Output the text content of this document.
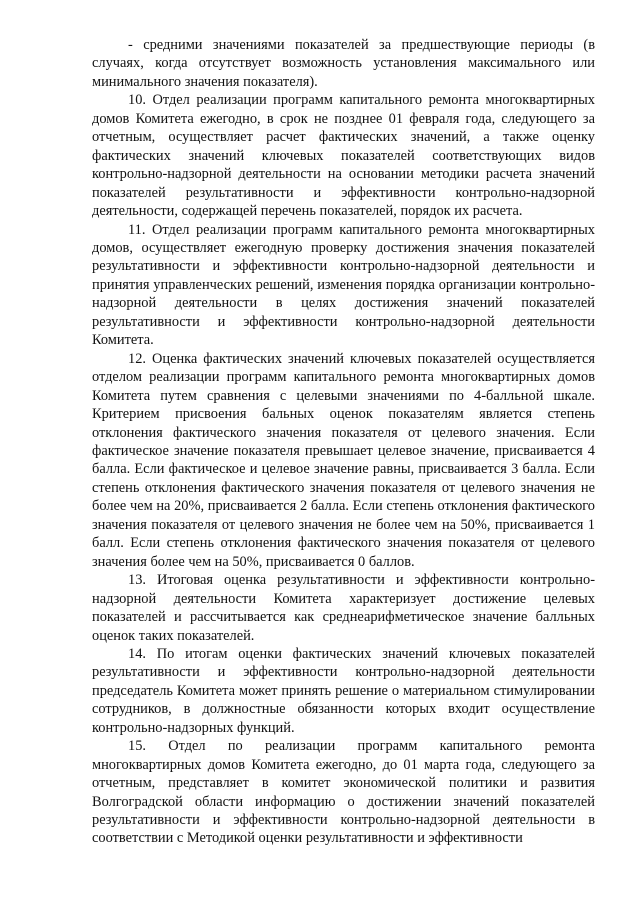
- средними значениями показателей за предшествующие периоды (в случаях, когда отсутствует возможность установления максимального или минимального значения показателя).

10. Отдел реализации программ капитального ремонта многоквартирных домов Комитета ежегодно, в срок не позднее 01 февраля года, следующего за отчетным, осуществляет расчет фактических значений, а также оценку фактических значений ключевых показателей соответствующих видов контрольно-надзорной деятельности на основании методики расчета значений показателей результативности и эффективности контрольно-надзорной деятельности, содержащей перечень показателей, порядок их расчета.

11. Отдел реализации программ капитального ремонта многоквартирных домов, осуществляет ежегодную проверку достижения значения показателей результативности и эффективности контрольно-надзорной деятельности и принятия управленческих решений, изменения порядка организации контрольно-надзорной деятельности в целях достижения значений показателей результативности и эффективности контрольно-надзорной деятельности Комитета.

12. Оценка фактических значений ключевых показателей осуществляется отделом реализации программ капитального ремонта многоквартирных домов Комитета путем сравнения с целевыми значениями по 4-балльной шкале. Критерием присвоения бальных оценок показателям является степень отклонения фактического значения показателя от целевого значения. Если фактическое значение показателя превышает целевое значение, присваивается 4 балла. Если фактическое и целевое значение равны, присваивается 3 балла. Если степень отклонения фактического значения показателя от целевого значения не более чем на 20%, присваивается 2 балла. Если степень отклонения фактического значения показателя от целевого значения не более чем на 50%, присваивается 1 балл. Если степень отклонения фактического значения показателя от целевого значения более чем на 50%, присваивается 0 баллов.

13. Итоговая оценка результативности и эффективности контрольно-надзорной деятельности Комитета характеризует достижение целевых показателей и рассчитывается как среднеарифметическое значение балльных оценок таких показателей.

14. По итогам оценки фактических значений ключевых показателей результативности и эффективности контрольно-надзорной деятельности председатель Комитета может принять решение о материальном стимулировании сотрудников, в должностные обязанности которых входит осуществление контрольно-надзорных функций.

15. Отдел по реализации программ капитального ремонта многоквартирных домов Комитета ежегодно, до 01 марта года, следующего за отчетным, представляет в комитет экономической политики и развития Волгоградской области информацию о достижении значений показателей результативности и эффективности контрольно-надзорной деятельности в соответствии с Методикой оценки результативности и эффективности
